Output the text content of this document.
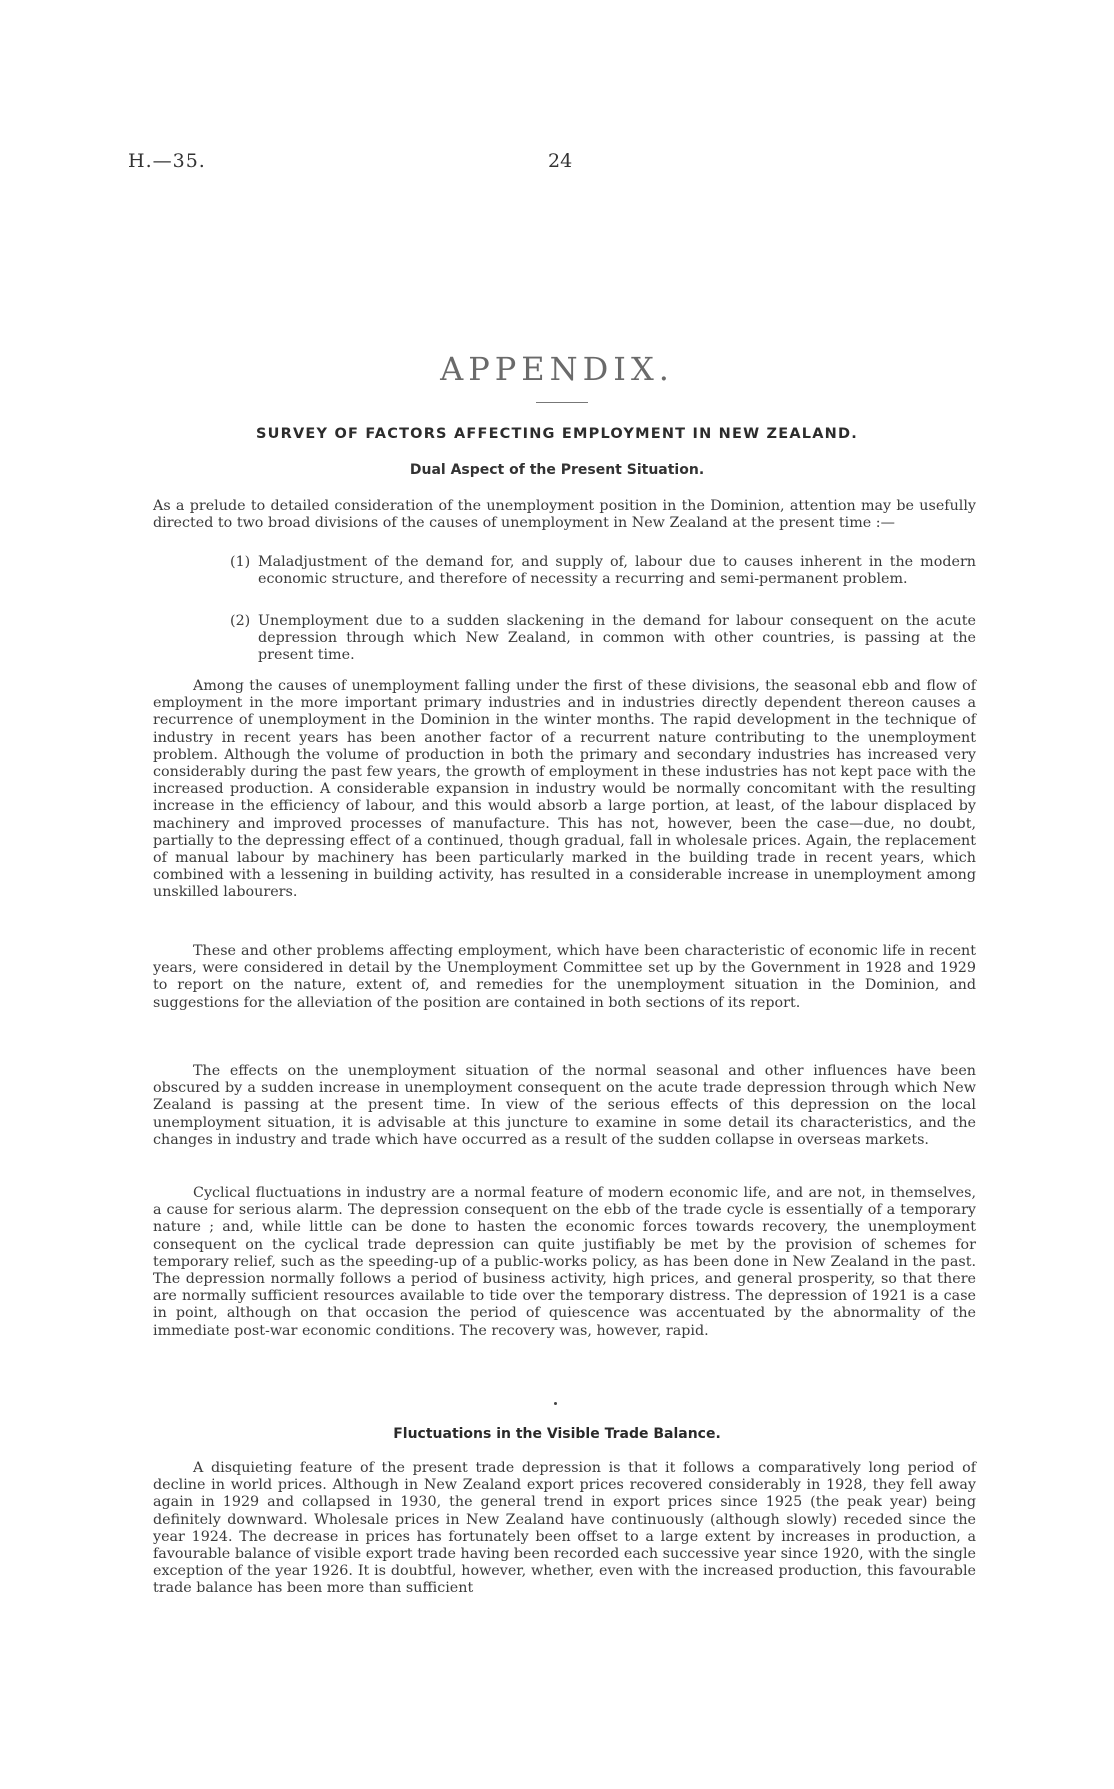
H.—35.	24
APPENDIX.
SURVEY OF FACTORS AFFECTING EMPLOYMENT IN NEW ZEALAND.
Dual Aspect of the Present Situation.

As a prelude to detailed consideration of the unemployment position in the Dominion, attention may be usefully directed to two broad divisions of the causes of unemployment in New Zealand at the present time :—

(1) Maladjustment of the demand for, and supply of, labour due to causes inherent in the modern economic structure, and therefore of necessity a recurring and semi-permanent problem.
(2) Unemployment due to a sudden slackening in the demand for labour consequent on the acute depression through which New Zealand, in common with other countries, is passing at the present time.

Among the causes of unemployment falling under the first of these divisions, the seasonal ebb and flow of employment in the more important primary industries and in industries directly dependent thereon causes a recurrence of unemployment in the Dominion in the winter months. The rapid development in the technique of industry in recent years has been another factor of a recurrent nature contributing to the unemployment problem. Although the volume of production in both the primary and secondary industries has increased very considerably during the past few years, the growth of employment in these industries has not kept pace with the increased production. A considerable expansion in industry would be normally concomitant with the resulting increase in the efficiency of labour, and this would absorb a large portion, at least, of the labour displaced by machinery and improved processes of manufacture. This has not, however, been the case—due, no doubt, partially to the depressing effect of a continued, though gradual, fall in wholesale prices. Again, the replacement of manual labour by machinery has been particularly marked in the building trade in recent years, which combined with a lessening in building activity, has resulted in a considerable increase in unemployment among unskilled labourers.

These and other problems affecting employment, which have been characteristic of economic life in recent years, were considered in detail by the Unemployment Committee set up by the Government in 1928 and 1929 to report on the nature, extent of, and remedies for the unemployment situation in the Dominion, and suggestions for the alleviation of the position are contained in both sections of its report.

The effects on the unemployment situation of the normal seasonal and other influences have been obscured by a sudden increase in unemployment consequent on the acute trade depression through which New Zealand is passing at the present time. In view of the serious effects of this depression on the local unemployment situation, it is advisable at this juncture to examine in some detail its characteristics, and the changes in industry and trade which have occurred as a result of the sudden collapse in overseas markets.

Cyclical fluctuations in industry are a normal feature of modern economic life, and are not, in themselves, a cause for serious alarm. The depression consequent on the ebb of the trade cycle is essentially of a temporary nature ; and, while little can be done to hasten the economic forces towards recovery, the unemployment consequent on the cyclical trade depression can quite justifiably be met by the provision of schemes for temporary relief, such as the speeding-up of a public-works policy, as has been done in New Zealand in the past. The depression normally follows a period of business activity, high prices, and general prosperity, so that there are normally sufficient resources available to tide over the temporary distress. The depression of 1921 is a case in point, although on that occasion the period of quiescence was accentuated by the abnormality of the immediate post-war economic conditions. The recovery was, however, rapid.

Fluctuations in the Visible Trade Balance.

A disquieting feature of the present trade depression is that it follows a comparatively long period of decline in world prices. Although in New Zealand export prices recovered considerably in 1928, they fell away again in 1929 and collapsed in 1930, the general trend in export prices since 1925 (the peak year) being definitely downward. Wholesale prices in New Zealand have continuously (although slowly) receded since the year 1924. The decrease in prices has fortunately been offset to a large extent by increases in production, a favourable balance of visible export trade having been recorded each successive year since 1920, with the single exception of the year 1926. It is doubtful, however, whether, even with the increased production, this favourable trade balance has been more than sufficient
